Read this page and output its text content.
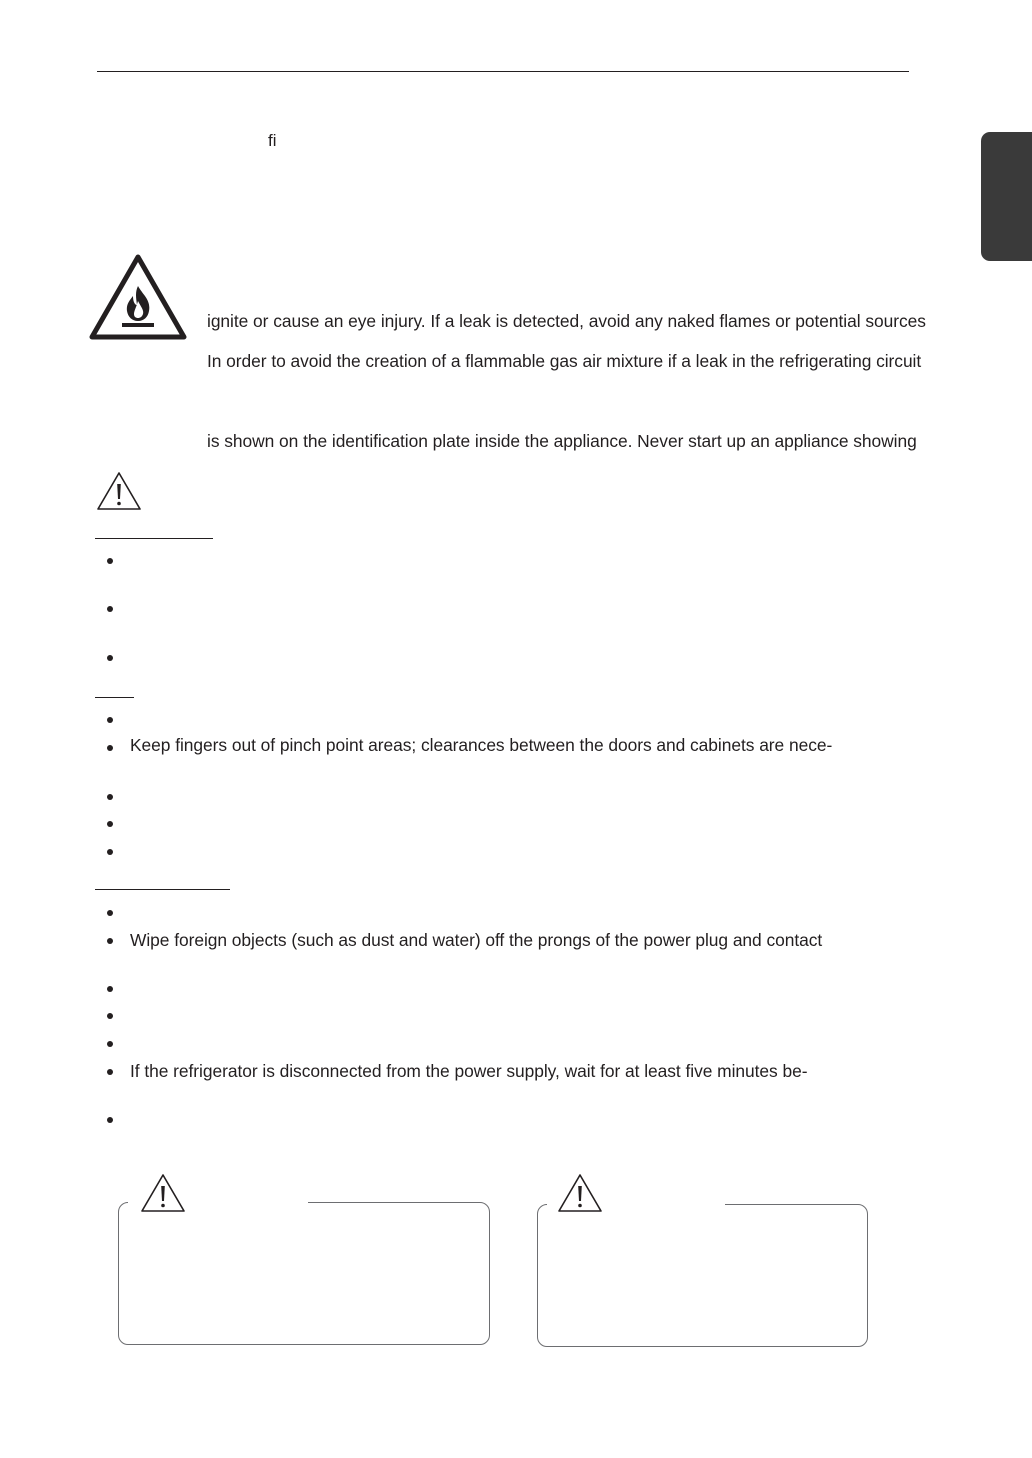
ﬁ
ignite or cause an eye injury. If a leak is detected, avoid any naked flames or potential sources
In order to avoid the creation of a flammable gas air mixture if a leak in the refrigerating circuit
is shown on the identification plate inside the appliance. Never start up an appliance showing
Keep fingers out of pinch point areas; clearances between the doors and cabinets are nece-
Wipe foreign objects (such as dust and water) off the prongs of the power plug and contact
If the refrigerator is disconnected from the power supply, wait for at least five minutes be-
